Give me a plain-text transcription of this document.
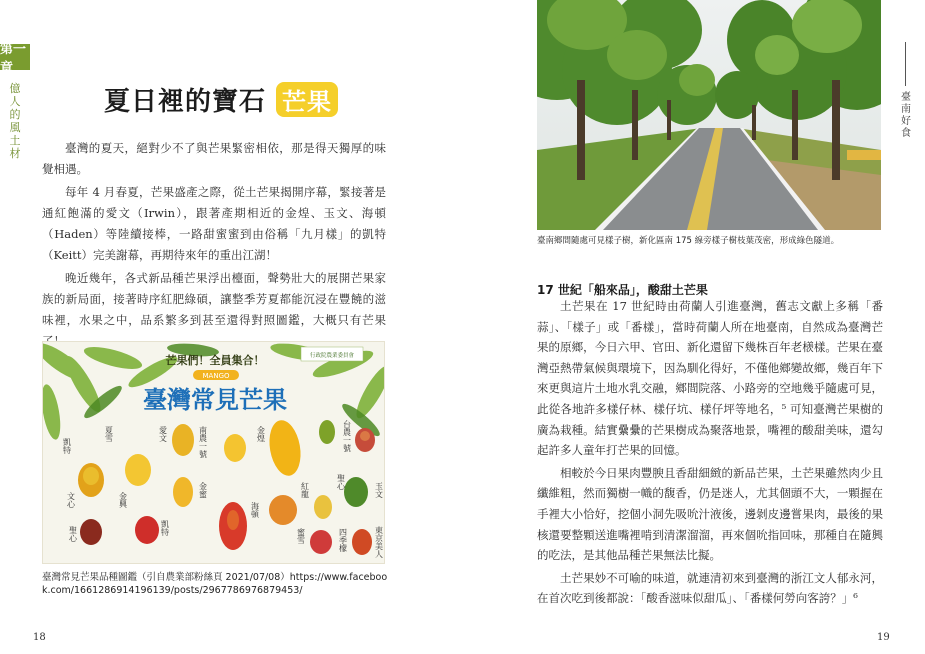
第一章
億人的風土材
夏日裡的寶石 芒果

臺灣的夏天，絕對少不了與芒果緊密相依，那是得天獨厚的味覺相遇。

每年 4 月春夏，芒果盛產之際，從土芒果揭開序幕，緊接著是通紅飽滿的愛文（Irwin），跟著產期相近的金煌、玉文、海頓（Haden）等陸續接棒，一路甜蜜蜜到由俗稱「九月樣」的凱特（Keitt）完美謝幕，再期待來年的重出江湖！

晚近幾年，各式新品種芒果浮出檯面，聲勢壯大的展開芒果家族的新局面，接著時序紅肥綠碩，讓整季芳夏都能沉浸在豐饒的滋味裡，水果之中，品系繁多到甚至還得對照圖鑑，大概只有芒果

行政院農業委員會
芒果們！全員集合！
MANGO
臺灣常見芒果
凱特
夏雪	愛文	南農一號	金煌	台農一號
文心	金興
金蜜	紅龍	聖心	玉文
凱特
海頓
蜜雪	四季檬
聖心	東京美人
臺灣常見芒果品種圖鑑（引自農業部粉絲頁 2021/07/08）https://www.facebook.com/1661286914196139/posts/2967786976879453/
18
臺南鄉間隨處可見樣子樹，新化區南 175 線旁樣子樹枝葉茂密，形成綠色隧道。
臺南好食
17 世紀「船來品」，酸甜土芒果

土芒果在 17 世紀時由荷蘭人引進臺灣，舊志文獻上多稱「番蒜」、「樣子」或「番樣」，當時荷蘭人所在地臺南，自然成為臺灣芒果的原鄉，今日六甲、官田、新化還留下幾株百年老檨樣。芒果在臺灣亞熱帶氣候與環境下，因為馴化得好，不僅他鄉變故鄉，幾百年下來更與這片土地水乳交融，鄉間院落、小路旁的空地幾乎隨處可見，此從各地許多樣仔林、樣仔坑、樣仔坪等地名，⁵ 可知臺灣芒果樹的廣為栽種。結實纍纍的芒果樹成為聚落地景，嘴裡的酸甜美味，還勾起許多人童年打芒果的回憶。

相較於今日果肉豐腴且香甜細緻的新品芒果，土芒果雖然肉少且纖維粗，然而獨樹一幟的馥香，仍是迷人，尤其個頭不大，一顆握在手裡大小恰好，挖個小洞先吸吮汁液後，邊剝皮邊嘗果肉，最後的果核還要整顆送進嘴裡啃到清潔溜溜，再來個吮指回味，那種自在隨興的吃法，是其他品種芒果無法比擬。

土芒果妙不可喻的味道，就連清初來到臺灣的浙江文人郁永河，在首次吃到後都說：「酸香滋味似甜瓜」、「番樣何勞向客誇？」⁶

19
